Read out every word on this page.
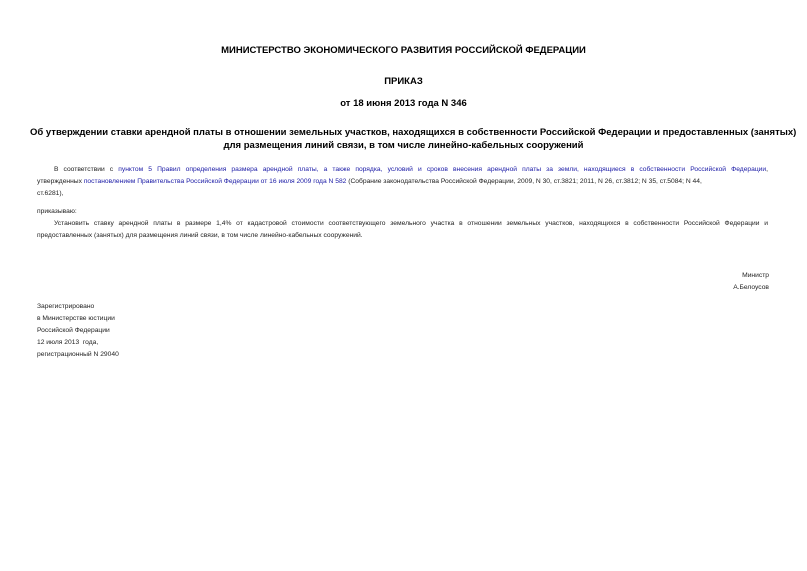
МИНИСТЕРСТВО ЭКОНОМИЧЕСКОГО РАЗВИТИЯ РОССИЙСКОЙ ФЕДЕРАЦИИ
ПРИКАЗ
от 18 июня 2013 года N 346
Об утверждении ставки арендной платы в отношении земельных участков, находящихся в собственности Российской Федерации и предоставленных (занятых)
для размещения линий связи, в том числе линейно-кабельных сооружений
В соответствии с пунктом 5 Правил определения размера арендной платы, а также порядка, условий и сроков внесения арендной платы за земли, находящиеся в собственности Российской Федерации,
утвержденных постановлением Правительства Российской Федерации от 16 июля 2009 года N 582 (Собрание законодательства Российской Федерации, 2009, N 30, ст.3821; 2011, N 26, ст.3812; N 35, ст.5084; N 44,
ст.6281),
приказываю:
Установить ставку арендной платы в размере 1,4% от кадастровой стоимости соответствующего земельного участка в отношении земельных участков, находящихся в собственности Российской Федерации и
предоставленных (занятых) для размещения линий связи, в том числе линейно-кабельных сооружений.
Министр
А.Белоусов
Зарегистрировано
в Министерстве юстиции
Российской Федерации
12 июля 2013  года,
регистрационный N 29040
